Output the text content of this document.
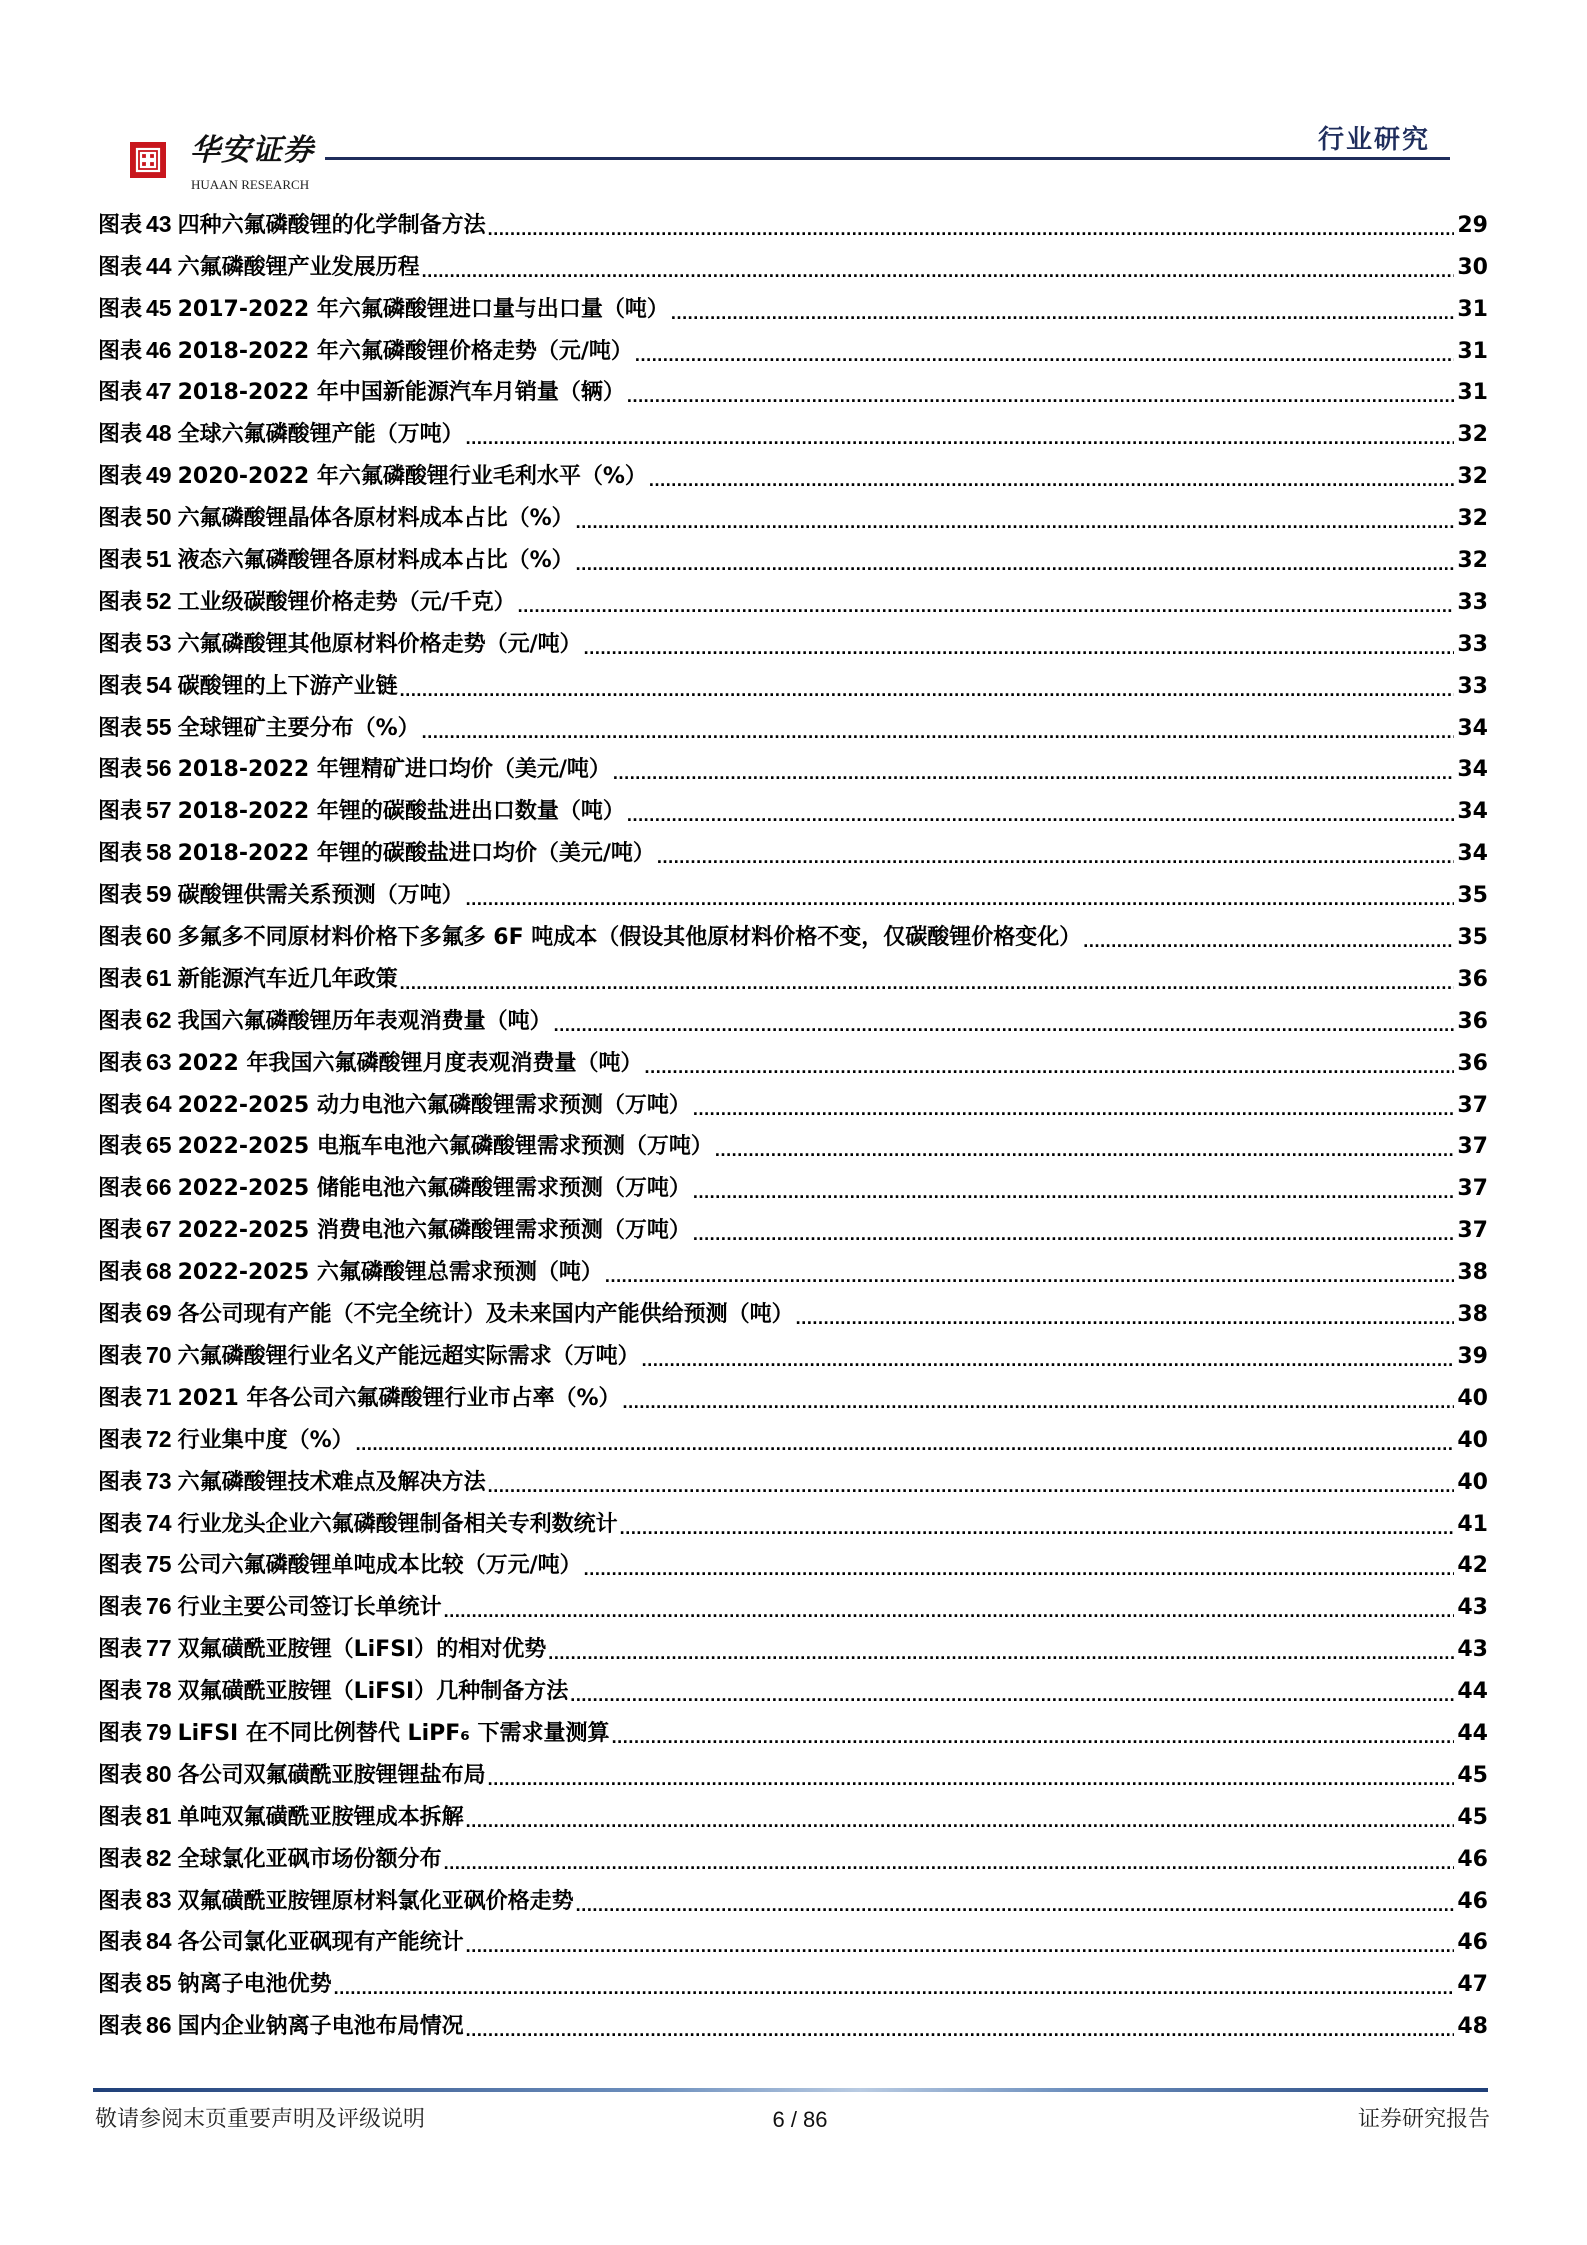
华安证券
HUAAN RESEARCH
行业研究
图表 43 四种六氟磷酸锂的化学制备方法 .....	29
图表 44 六氟磷酸锂产业发展历程 .....	30
图表 45 2017-2022 年六氟磷酸锂进口量与出口量（吨） .....	31
图表 46 2018-2022 年六氟磷酸锂价格走势（元/吨） .....	31
图表 47 2018-2022 年中国新能源汽车月销量（辆） .....	31
图表 48 全球六氟磷酸锂产能（万吨） .....	32
图表 49 2020-2022 年六氟磷酸锂行业毛利水平（%） .....	32
图表 50 六氟磷酸锂晶体各原材料成本占比（%） .....	32
图表 51 液态六氟磷酸锂各原材料成本占比（%） .....	32
图表 52 工业级碳酸锂价格走势（元/千克） .....	33
图表 53 六氟磷酸锂其他原材料价格走势（元/吨） .....	33
图表 54 碳酸锂的上下游产业链 .....	33
图表 55 全球锂矿主要分布（%） .....	34
图表 56 2018-2022 年锂精矿进口均价（美元/吨） .....	34
图表 57 2018-2022 年锂的碳酸盐进出口数量（吨） .....	34
图表 58 2018-2022 年锂的碳酸盐进口均价（美元/吨） .....	34
图表 59 碳酸锂供需关系预测（万吨） .....	35
图表 60 多氟多不同原材料价格下多氟多 6F 吨成本（假设其他原材料价格不变，仅碳酸锂价格变化） .....	35
图表 61 新能源汽车近几年政策 .....	36
图表 62 我国六氟磷酸锂历年表观消费量（吨） .....	36
图表 63 2022 年我国六氟磷酸锂月度表观消费量（吨） .....	36
图表 64 2022-2025 动力电池六氟磷酸锂需求预测（万吨） .....	37
图表 65 2022-2025 电瓶车电池六氟磷酸锂需求预测（万吨） .....	37
图表 66 2022-2025 储能电池六氟磷酸锂需求预测（万吨） .....	37
图表 67 2022-2025 消费电池六氟磷酸锂需求预测（万吨） .....	37
图表 68 2022-2025 六氟磷酸锂总需求预测（吨） .....	38
图表 69 各公司现有产能（不完全统计）及未来国内产能供给预测（吨） .....	38
图表 70 六氟磷酸锂行业名义产能远超实际需求（万吨） .....	39
图表 71 2021 年各公司六氟磷酸锂行业市占率（%） .....	40
图表 72 行业集中度（%） .....	40
图表 73 六氟磷酸锂技术难点及解决方法 .....	40
图表 74 行业龙头企业六氟磷酸锂制备相关专利数统计 .....	41
图表 75 公司六氟磷酸锂单吨成本比较（万元/吨） .....	42
图表 76 行业主要公司签订长单统计 .....	43
图表 77 双氟磺酰亚胺锂（LiFSI）的相对优势 .....	43
图表 78 双氟磺酰亚胺锂（LiFSI）几种制备方法 .....	44
图表 79 LiFSI 在不同比例替代 LiPF₆ 下需求量测算 .....	44
图表 80 各公司双氟磺酰亚胺锂锂盐布局 .....	45
图表 81 单吨双氟磺酰亚胺锂成本拆解 .....	45
图表 82 全球氯化亚砜市场份额分布 .....	46
图表 83 双氟磺酰亚胺锂原材料氯化亚砜价格走势 .....	46
图表 84 各公司氯化亚砜现有产能统计 .....	46
图表 85 钠离子电池优势 .....	47
图表 86 国内企业钠离子电池布局情况 .....	48
敬请参阅末页重要声明及评级说明	6 / 86	证券研究报告
